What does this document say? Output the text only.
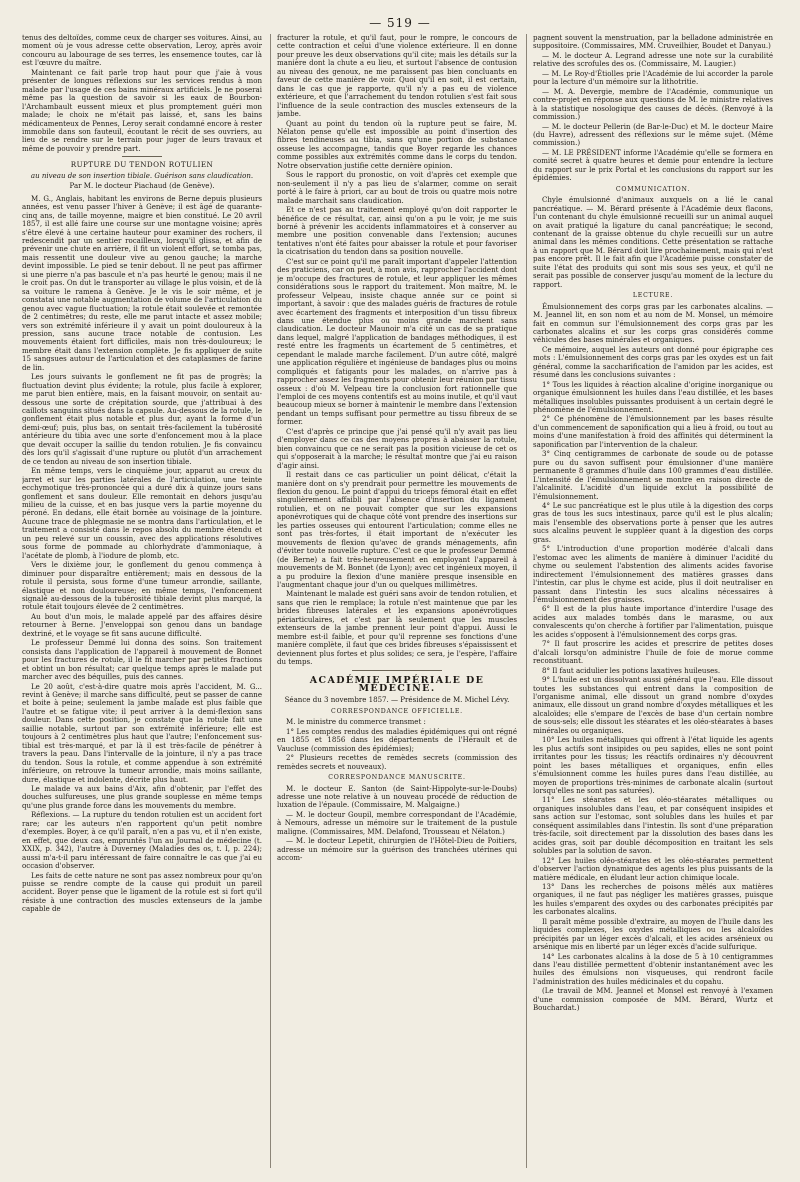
— 519 —

tenus des deltoïdes, comme ceux de charger ses voitures. Ainsi, au moment où je vous adresse cette observation, Leroy, après avoir concouru au labourage de ses terres, les ensemence toutes, car là est l'œuvre du maître.

Maintenant ce fait parle trop haut pour que j'aie à vous présenter de longues réflexions sur les services rendus à mon malade par l'usage de ces bains minéraux artificiels. Je ne poserai même pas la question de savoir si les eaux de Bourbon-l'Archambault eussent mieux et plus promptement guéri mon malade; le choix ne m'était pas laissé, et, sans les bains médicamenteux de Pennes, Leroy serait condamné encore à rester immobile dans son fauteuil, écoutant le récit de ses ouvriers, au lieu de se rendre sur le terrain pour juger de leurs travaux et même de pouvoir y prendre part.

RUPTURE DU TENDON ROTULIEN

au niveau de son insertion tibiale. Guérison sans claudication.

Par M. le docteur Piachaud (de Genève).

M. G., Anglais, habitant les environs de Berne depuis plusieurs années, est venu passer l'hiver à Genève; il est âgé de quarante-cinq ans, de taille moyenne, maigre et bien constitué. Le 20 avril 1857, il est allé faire une course sur une montagne voisine; après s'être élevé à une certaine hauteur pour examiner des rochers, il redescendit par un sentier rocailleux, lorsqu'il glissa, et afin de prévenir une chute en arrière, il fit un violent effort, se tomba pas, mais ressentit une douleur vive au genou gauche; la marche devint impossible. Le pied se tenir debout. Il ne peut pas affirmer si une pierre n'a pas bascule et n'a pas heurté le genou; mais il ne le croit pas. On dut le transporter au village le plus voisin, et de là sa voiture le ramena à Genève. Je le vis le soir même, et je constatai une notable augmentation de volume de l'articulation du genou avec vague fluctuation; la rotule était soulevée et remontée de 2 centimètres; du reste, elle me parut intacte et assez mobile; vers son extrémité inférieure il y avait un point douloureux à la pression, sans aucune trace notable de contusion. Les mouvements étaient fort difficiles, mais non très-douloureux; le membre était dans l'extension complète. Je fis appliquer de suite 15 sangsues autour de l'articulation et des cataplasmes de farine de lin.

Les jours suivants le gonflement ne fit pas de progrès; la fluctuation devint plus évidente; la rotule, plus facile à explorer, me parut bien entière, mais, en la faisant mouvoir, on sentait au-dessous une sorte de crépitation sourde, que j'attribuai à des caillots sanguins situés dans la capsule. Au-dessous de la rotule, le gonflement était plus notable et plus dur, ayant la forme d'un demi-œuf; puis, plus bas, on sentait très-facilement la tubérosité antérieure du tibia avec une sorte d'enfoncement mou à la place que devait occuper la saillie du tendon rotulien. Je fis convaincu dès lors qu'il s'agissait d'une rupture ou plutôt d'un arrachement de ce tendon au niveau de son insertion tibiale.

En même temps, vers le cinquième jour, apparut au creux du jarret et sur les parties latérales de l'articulation, une teinte ecchymotique très-prononcée qui a duré dix à quinze jours sans gonflement et sans douleur. Elle remontait en dehors jusqu'au milieu de la cuisse, et en bas jusque vers la partie moyenne du péroné. En dedans, elle était bornée au voisinage de la jointure. Aucune trace de phlegmasie ne se montra dans l'articulation, et le traitement a consisté dans le repos absolu du membre étendu et un peu relevé sur un coussin, avec des applications résolutives sous forme de pommade au chlorhydrate d'ammoniaque, à l'acétate de plomb, à l'iodure de plomb, etc.

Vers le dixième jour, le gonflement du genou commença à diminuer pour disparaître entièrement; mais en dessous de la rotule il persista, sous forme d'une tumeur arrondie, saillante, élastique et non douloureuse; en même temps, l'enfoncement signalé au-dessous de la tubérosité tibiale devint plus marqué, la rotule était toujours élevée de 2 centimètres.

Au bout d'un mois, le malade appelé par des affaires désire retourner à Berne. J'enveloppai son genou dans un bandage dextriné, et le voyage se fit sans aucune difficulté.

Le professeur Demmé lui donna des soins. Son traitement consista dans l'application de l'appareil à mouvement de Bonnet pour les fractures de rotule, il le fit marcher par petites fractions et obtint un bon résultat; car quelque temps après le malade put marcher avec des béquilles, puis des cannes.

Le 20 août, c'est-à-dire quatre mois après l'accident, M. G... revint à Genève; il marche sans difficulté, peut se passer de canne et boite à peine; seulement la jambe malade est plus faible que l'autre et se fatigue vite; il peut arriver à la demi-flexion sans douleur. Dans cette position, je constate que la rotule fait une saillie notable, surtout par son extrémité inférieure; elle est toujours à 2 centimètres plus haut que l'autre; l'enfoncement sus-tibial est très-marqué, et par là il est très-facile de pénétrer à travers la peau. Dans l'intervalle de la jointure, il n'y a pas trace du tendon. Sous la rotule, et comme appendue à son extrémité inférieure, on retrouve la tumeur arrondie, mais moins saillante, dure, élastique et indolente, décrite plus haut.

Le malade va aux bains d'Aix, afin d'obtenir, par l'effet des douches sulfureuses, une plus grande souplesse en même temps qu'une plus grande force dans les mouvements du membre.

Réflexions. — La rupture du tendon rotulien est un accident fort rare; car les auteurs n'en rapportent qu'un petit nombre d'exemples. Boyer, à ce qu'il paraît, n'en a pas vu, et il n'en existe, en effet, que deux cas, empruntés l'un au Journal de médecine (t. XXIX, p. 342), l'autre à Duverney (Maladies des os, t. I, p. 224); aussi m'a-t-il paru intéressant de faire connaître le cas que j'ai eu occasion d'observer.

Les faits de cette nature ne sont pas assez nombreux pour qu'on puisse se rendre compte de la cause qui produit un pareil accident. Boyer pense que le ligament de la rotule est si fort qu'il résiste à une contraction des muscles extenseurs de la jambe capable de

fracturer la rotule, et qu'il faut, pour le rompre, le concours de cette contraction et celui d'une violence extérieure. Il en donne pour preuve les deux observations qu'il cite; mais les détails sur la manière dont la chute a eu lieu, et surtout l'absence de contusion au niveau des genoux, ne me paraissent pas bien concluants en faveur de cette manière de voir. Quoi qu'il en soit, il est certain, dans le cas que je rapporte, qu'il n'y a pas eu de violence extérieure, et que l'arrachement du tendon rotulien s'est fait sous l'influence de la seule contraction des muscles extenseurs de la jambe.

Quant au point du tendon où la rupture peut se faire, M. Nélaton pense qu'elle est impossible au point d'insertion des fibres tendineuses au tibia, sans qu'une portion de substance osseuse les accompagne, tandis que Boyer regarde les chances comme possibles aux extrémités comme dans le corps du tendon. Notre observation justifie cette dernière opinion.

Sous le rapport du pronostic, on voit d'après cet exemple que non-seulement il n'y a pas lieu de s'alarmer, comme on serait porté à le faire à priori, car au bout de trois ou quatre mois notre malade marchait sans claudication.

Et ce n'est pas au traitement employé qu'on doit rapporter le bénéfice de ce résultat, car, ainsi qu'on a pu le voir, je me suis borné à prévenir les accidents inflammatoires et à conserver au membre une position convenable dans l'extension; aucunes tentatives n'ont été faites pour abaisser la rotule et pour favoriser la cicatrisation du tendon dans sa position nouvelle.

C'est sur ce point qu'il me paraît important d'appeler l'attention des praticiens, car on peut, à mon avis, rapprocher l'accident dont je m'occupe des fractures de rotule, et leur appliquer les mêmes considérations sous le rapport du traitement. Mon maître, M. le professeur Velpeau, insiste chaque année sur ce point si important, à savoir : que des malades guéris de fractures de rotule avec écartement des fragments et interposition d'un tissu fibreux dans une étendue plus ou moins grande marchent sans claudication. Le docteur Maunoir m'a cité un cas de sa pratique dans lequel, malgré l'application de bandages méthodiques, il est resté entre les fragments un écartement de 5 centimètres, et cependant le malade marche facilement. D'un autre côté, malgré une application régulière et ingénieuse de bandages plus ou moins compliqués et fatigants pour les malades, on n'arrive pas à rapprocher assez les fragments pour obtenir leur réunion par tissu osseux : d'où M. Velpeau tire la conclusion fort rationnelle que l'emploi de ces moyens contentifs est au moins inutile, et qu'il vaut beaucoup mieux se borner à maintenir le membre dans l'extension pendant un temps suffisant pour permettre au tissu fibreux de se former.

C'est d'après ce principe que j'ai pensé qu'il n'y avait pas lieu d'employer dans ce cas des moyens propres à abaisser la rotule, bien convaincu que ce ne serait pas la position vicieuse de cet os qui s'opposerait à la marche; le résultat montre que j'ai eu raison d'agir ainsi.

Il restait dans ce cas particulier un point délicat, c'était la manière dont on s'y prendrait pour permettre les mouvements de flexion du genou. Le point d'appui du triceps fémoral était en effet singulièrement affaibli par l'absence d'insertion du ligament rotulien, et on ne pouvait compter que sur les expansions aponévrotiques qui de chaque côté vont prendre des insertions sur les parties osseuses qui entourent l'articulation; comme elles ne sont pas très-fortes, il était important de n'exécuter les mouvements de flexion qu'avec de grands ménagements, afin d'éviter toute nouvelle rupture. C'est ce que le professeur Demmé (de Berne) a fait très-heureusement en employant l'appareil à mouvements de M. Bonnet (de Lyon); avec cet ingénieux moyen, il a pu produire la flexion d'une manière presque insensible en l'augmentant chaque jour d'un ou quelques millimètres.

Maintenant le malade est guéri sans avoir de tendon rotulien, et sans que rien le remplace; la rotule n'est maintenue que par les brides fibreuses latérales et les expansions aponévrotiques périarticulaires, et c'est par là seulement que les muscles extenseurs de la jambe prennent leur point d'appui. Aussi le membre est-il faible, et pour qu'il reprenne ses fonctions d'une manière complète, il faut que ces brides fibreuses s'épaississent et deviennent plus fortes et plus solides; ce sera, je l'espère, l'affaire du temps.

ACADÉMIE IMPÉRIALE DE MÉDECINE.

Séance du 3 novembre 1857. — Présidence de M. Michel Lévy.

CORRESPONDANCE OFFICIELLE.

M. le ministre du commerce transmet :

1° Les comptes rendus des maladies épidémiques qui ont régné en 1855 et 1856 dans les départements de l'Hérault et de Vaucluse (commission des épidémies);

2° Plusieurs recettes de remèdes secrets (commission des remèdes secrets et nouveaux).

CORRESPONDANCE MANUSCRITE.

M. le docteur E. Santon (de Saint-Hippolyte-sur-le-Doubs) adresse une note relative à un nouveau procédé de réduction de luxation de l'épaule. (Commissaire, M. Malgaigne.)

— M. le docteur Goupil, membre correspondant de l'Académie, à Nemours, adresse un mémoire sur le traitement de la pustule maligne. (Commissaires, MM. Delafond, Trousseau et Nélaton.)

— M. le docteur Lepetit, chirurgien de l'Hôtel-Dieu de Poitiers, adresse un mémoire sur la guérison des tranchées utérines qui accom-

pagnent souvent la menstruation, par la belladone administrée en suppositoire. (Commissaires, MM. Cruveilhier, Boudet et Danyau.)

— M. le docteur A. Legrand adresse une note sur la curabilité relative des scrofules des os. (Commissaire, M. Laugier.)

— M. Le Roy-d'Étiolles prie l'Académie de lui accorder la parole pour la lecture d'un mémoire sur la lithotritie.

— M. A. Devergie, membre de l'Académie, communique un contre-projet en réponse aux questions de M. le ministre relatives à la statistique nosologique des causes de décès. (Renvoyé à la commission.)

— M. le docteur Pellerin (de Bar-le-Duc) et M. le docteur Maire (du Havre), adressent des réflexions sur le même sujet. (Même commission.)

— M. LE PRÉSIDENT informe l'Académie qu'elle se formera en comité secret à quatre heures et demie pour entendre la lecture du rapport sur le prix Portal et les conclusions du rapport sur les épidémies.

COMMUNICATION.

Chyle émulsionné d'animaux auxquels on a lié le canal pancréatique. — M. Bérard présente à l'Académie deux flacons, l'un contenant du chyle émulsionné recueilli sur un animal auquel on avait pratiqué la ligature du canal pancréatique; le second, contenant de la graisse obtenue du chyle recueilli sur un autre animal dans les mêmes conditions. Cette présentation se rattache à un rapport que M. Bérard doit lire prochainement, mais qui n'est pas encore prêt. Il le fait afin que l'Académie puisse constater de suite l'état des produits qui sont mis sous ses yeux, et qu'il ne serait pas possible de conserver jusqu'au moment de la lecture du rapport.

LECTURE.

Émulsionnement des corps gras par les carbonates alcalins. — M. Jeannel lit, en son nom et au nom de M. Monsel, un mémoire fait en commun sur l'émulsionnement des corps gras par les carbonates alcalins et sur les corps gras considérés comme véhicules des bases minérales et organiques.

Ce mémoire, auquel les auteurs ont donné pour épigraphe ces mots : L'émulsionnement des corps gras par les oxydes est un fait général, comme la saccharification de l'amidon par les acides, est résumé dans les conclusions suivantes :

1° Tous les liquides à réaction alcaline d'origine inorganique ou organique émulsionnent les huiles dans l'eau distillée, et les bases métalliques insolubles puissantes produisent à un certain degré le phénomène de l'émulsionnement.

2° Ce phénomène de l'émulsionnement par les bases résulte d'un commencement de saponification qui a lieu à froid, ou tout au moins d'une manifestation à froid des affinités qui déterminent la saponification par l'intervention de la chaleur.

3° Cinq centigrammes de carbonate de soude ou de potasse pure ou du savon suffisent pour émulsionner d'une manière permanente 8 grammes d'huile dans 100 grammes d'eau distillée. L'intensité de l'émulsionnement se montre en raison directe de l'alcalinité. L'acidité d'un liquide exclut la possibilité de l'émulsionnement.

4° Le suc pancréatique est le plus utile à la digestion des corps gras de tous les sucs intestinaux, parce qu'il est le plus alcalin; mais l'ensemble des observations porte à penser que les autres sucs alcalins peuvent le suppléer quant à la digestion des corps gras.

5° L'introduction d'une proportion modérée d'alcali dans l'estomac avec les aliments de manière à diminuer l'acidité du chyme ou seulement l'abstention des aliments acides favorise indirectement l'émulsionnement des matières grasses dans l'intestin, car plus le chyme est acide, plus il doit neutraliser en passant dans l'intestin les sucs alcalins nécessaires à l'émulsionnement des graisses.

6° Il est de la plus haute importance d'interdire l'usage des acides aux malades tombés dans le marasme, ou aux convalescents qu'on cherche à fortifier par l'alimentation, puisque les acides s'opposent à l'émulsionnement des corps gras.

7° Il faut proscrire les acides et prescrire de petites doses d'alcali lorsqu'on administre l'huile de foie de morue comme reconstituant.

8° Il faut acidulier les potions laxatives huileuses.

9° L'huile est un dissolvant aussi général que l'eau. Elle dissout toutes les substances qui entrent dans la composition de l'organisme animal, elle dissout un grand nombre d'oxydes animaux, elle dissout un grand nombre d'oxydes métalliques et les alcaloïdes; elle s'empare de l'excès de base d'un certain nombre de sous-sels; elle dissout les stéarates et les oléo-stéarates à bases minérales ou organiques.

10° Les huiles métalliques qui offrent à l'état liquide les agents les plus actifs sont insipides ou peu sapides, elles ne sont point irritantes pour les tissus; les réactifs ordinaires n'y découvrent point les bases métalliques et organiques, enfin elles s'émulsionnent comme les huiles pures dans l'eau distillée, au moyen de proportions très-minimes de carbonate alcalin (surtout lorsqu'elles ne sont pas saturées).

11° Les stéarates et les oléo-stéarates métalliques ou organiques insolubles dans l'eau, et par conséquent insipides et sans action sur l'estomac, sont solubles dans les huiles et par conséquent assimilables dans l'intestin. Ils sont d'une préparation très-facile, soit directement par la dissolution des bases dans les acides gras, soit par double décomposition en traitant les sels solubles par la solution de savon.

12° Les huiles oléo-stéarates et les oléo-stéarates permettent d'observer l'action dynamique des agents les plus puissants de la matière médicale, en éludant leur action chimique locale.

13° Dans les recherches de poisons mêlés aux matières organiques, il ne faut pas négliger les matières grasses, puisque les huiles s'emparent des oxydes ou des carbonates précipités par les carbonates alcalins.

Il paraît même possible d'extraire, au moyen de l'huile dans les liquides complexes, les oxydes métalliques ou les alcaloïdes précipités par un léger excès d'alcali, et les acides arsénieux ou arsénique mis en liberté par un léger excès d'acide sulfurique.

14° Les carbonates alcalins à la dose de 5 à 10 centigrammes dans l'eau distillée permettent d'obtenir instantanément avec les huiles des émulsions non visqueuses, qui rendront facile l'administration des huiles médicinales et du copahu.

(Le travail de MM. Jeannel et Monsel est renvoyé à l'examen d'une commission composée de MM. Bérard, Wurtz et Bouchardat.)
